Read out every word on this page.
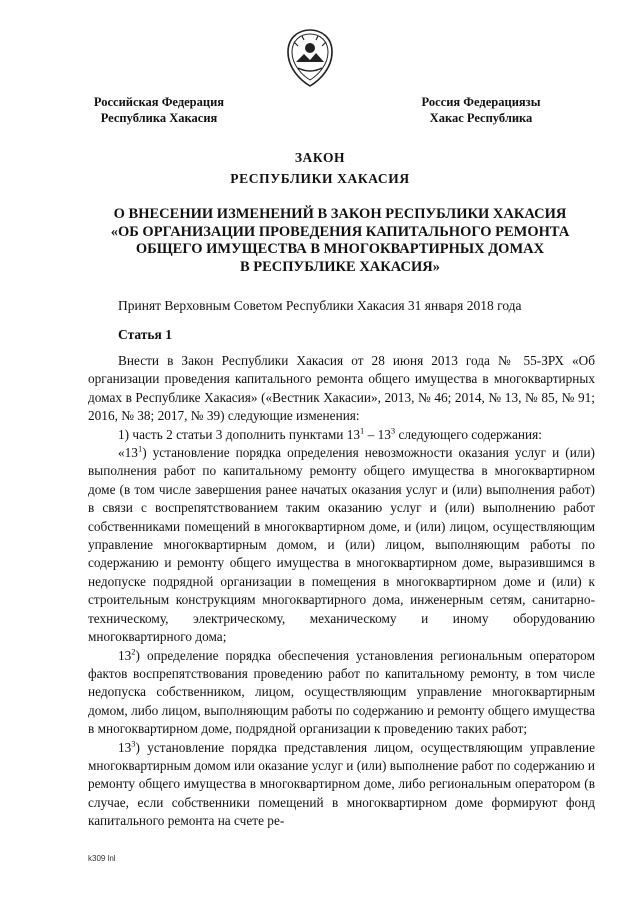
Российская Федерация
Республика Хакасия
Россия Федерациязы
Хакас Республика
ЗАКОН
РЕСПУБЛИКИ ХАКАСИЯ
О ВНЕСЕНИИ ИЗМЕНЕНИЙ В ЗАКОН РЕСПУБЛИКИ ХАКАСИЯ
«ОБ ОРГАНИЗАЦИИ ПРОВЕДЕНИЯ КАПИТАЛЬНОГО РЕМОНТА
ОБЩЕГО ИМУЩЕСТВА В МНОГОКВАРТИРНЫХ ДОМАХ
В РЕСПУБЛИКЕ ХАКАСИЯ»
Принят Верховным Советом Республики Хакасия 31 января 2018 года
Статья 1

Внести в Закон Республики Хакасия от 28 июня 2013 года № 55-ЗРХ «Об организации проведения капитального ремонта общего имущества в многоквартирных домах в Республике Хакасия» («Вестник Хакасии», 2013, № 46; 2014, № 13, № 85, № 91; 2016, № 38; 2017, № 39) следующие изменения:

1) часть 2 статьи 3 дополнить пунктами $13^1 - 13^3$ следующего содержания:

«$13^1$) установление порядка определения невозможности оказания услуг и (или) выполнения работ по капитальному ремонту общего имущества в многоквартирном доме (в том числе завершения ранее начатых оказания услуг и (или) выполнения работ) в связи с воспрепятствованием таким оказанию услуг и (или) выполнению работ собственниками помещений в многоквартирном доме, и (или) лицом, осуществляющим управление многоквартирным домом, и (или) лицом, выполняющим работы по содержанию и ремонту общего имущества в многоквартирном доме, выразившимся в недопуске подрядной организации в помещения в многоквартирном доме и (или) к строительным конструкциям многоквартирного дома, инженерным сетям, санитарно-техническому, электрическому, механическому и иному оборудованию многоквартирного дома;

$13^2$) определение порядка обеспечения установления региональным оператором фактов воспрепятствования проведению работ по капитальному ремонту, в том числе недопуска собственником, лицом, осуществляющим управление многоквартирным домом, либо лицом, выполняющим работы по содержанию и ремонту общего имущества в многоквартирном доме, подрядной организации к проведению таких работ;

$13^3$) установление порядка представления лицом, осуществляющим управление многоквартирным домом или оказание услуг и (или) выполнение работ по содержанию и ремонту общего имущества в многоквартирном доме, либо региональным оператором (в случае, если собственники помещений в многоквартирном доме формируют фонд капитального ремонта на счете ре-

k309 lnl
